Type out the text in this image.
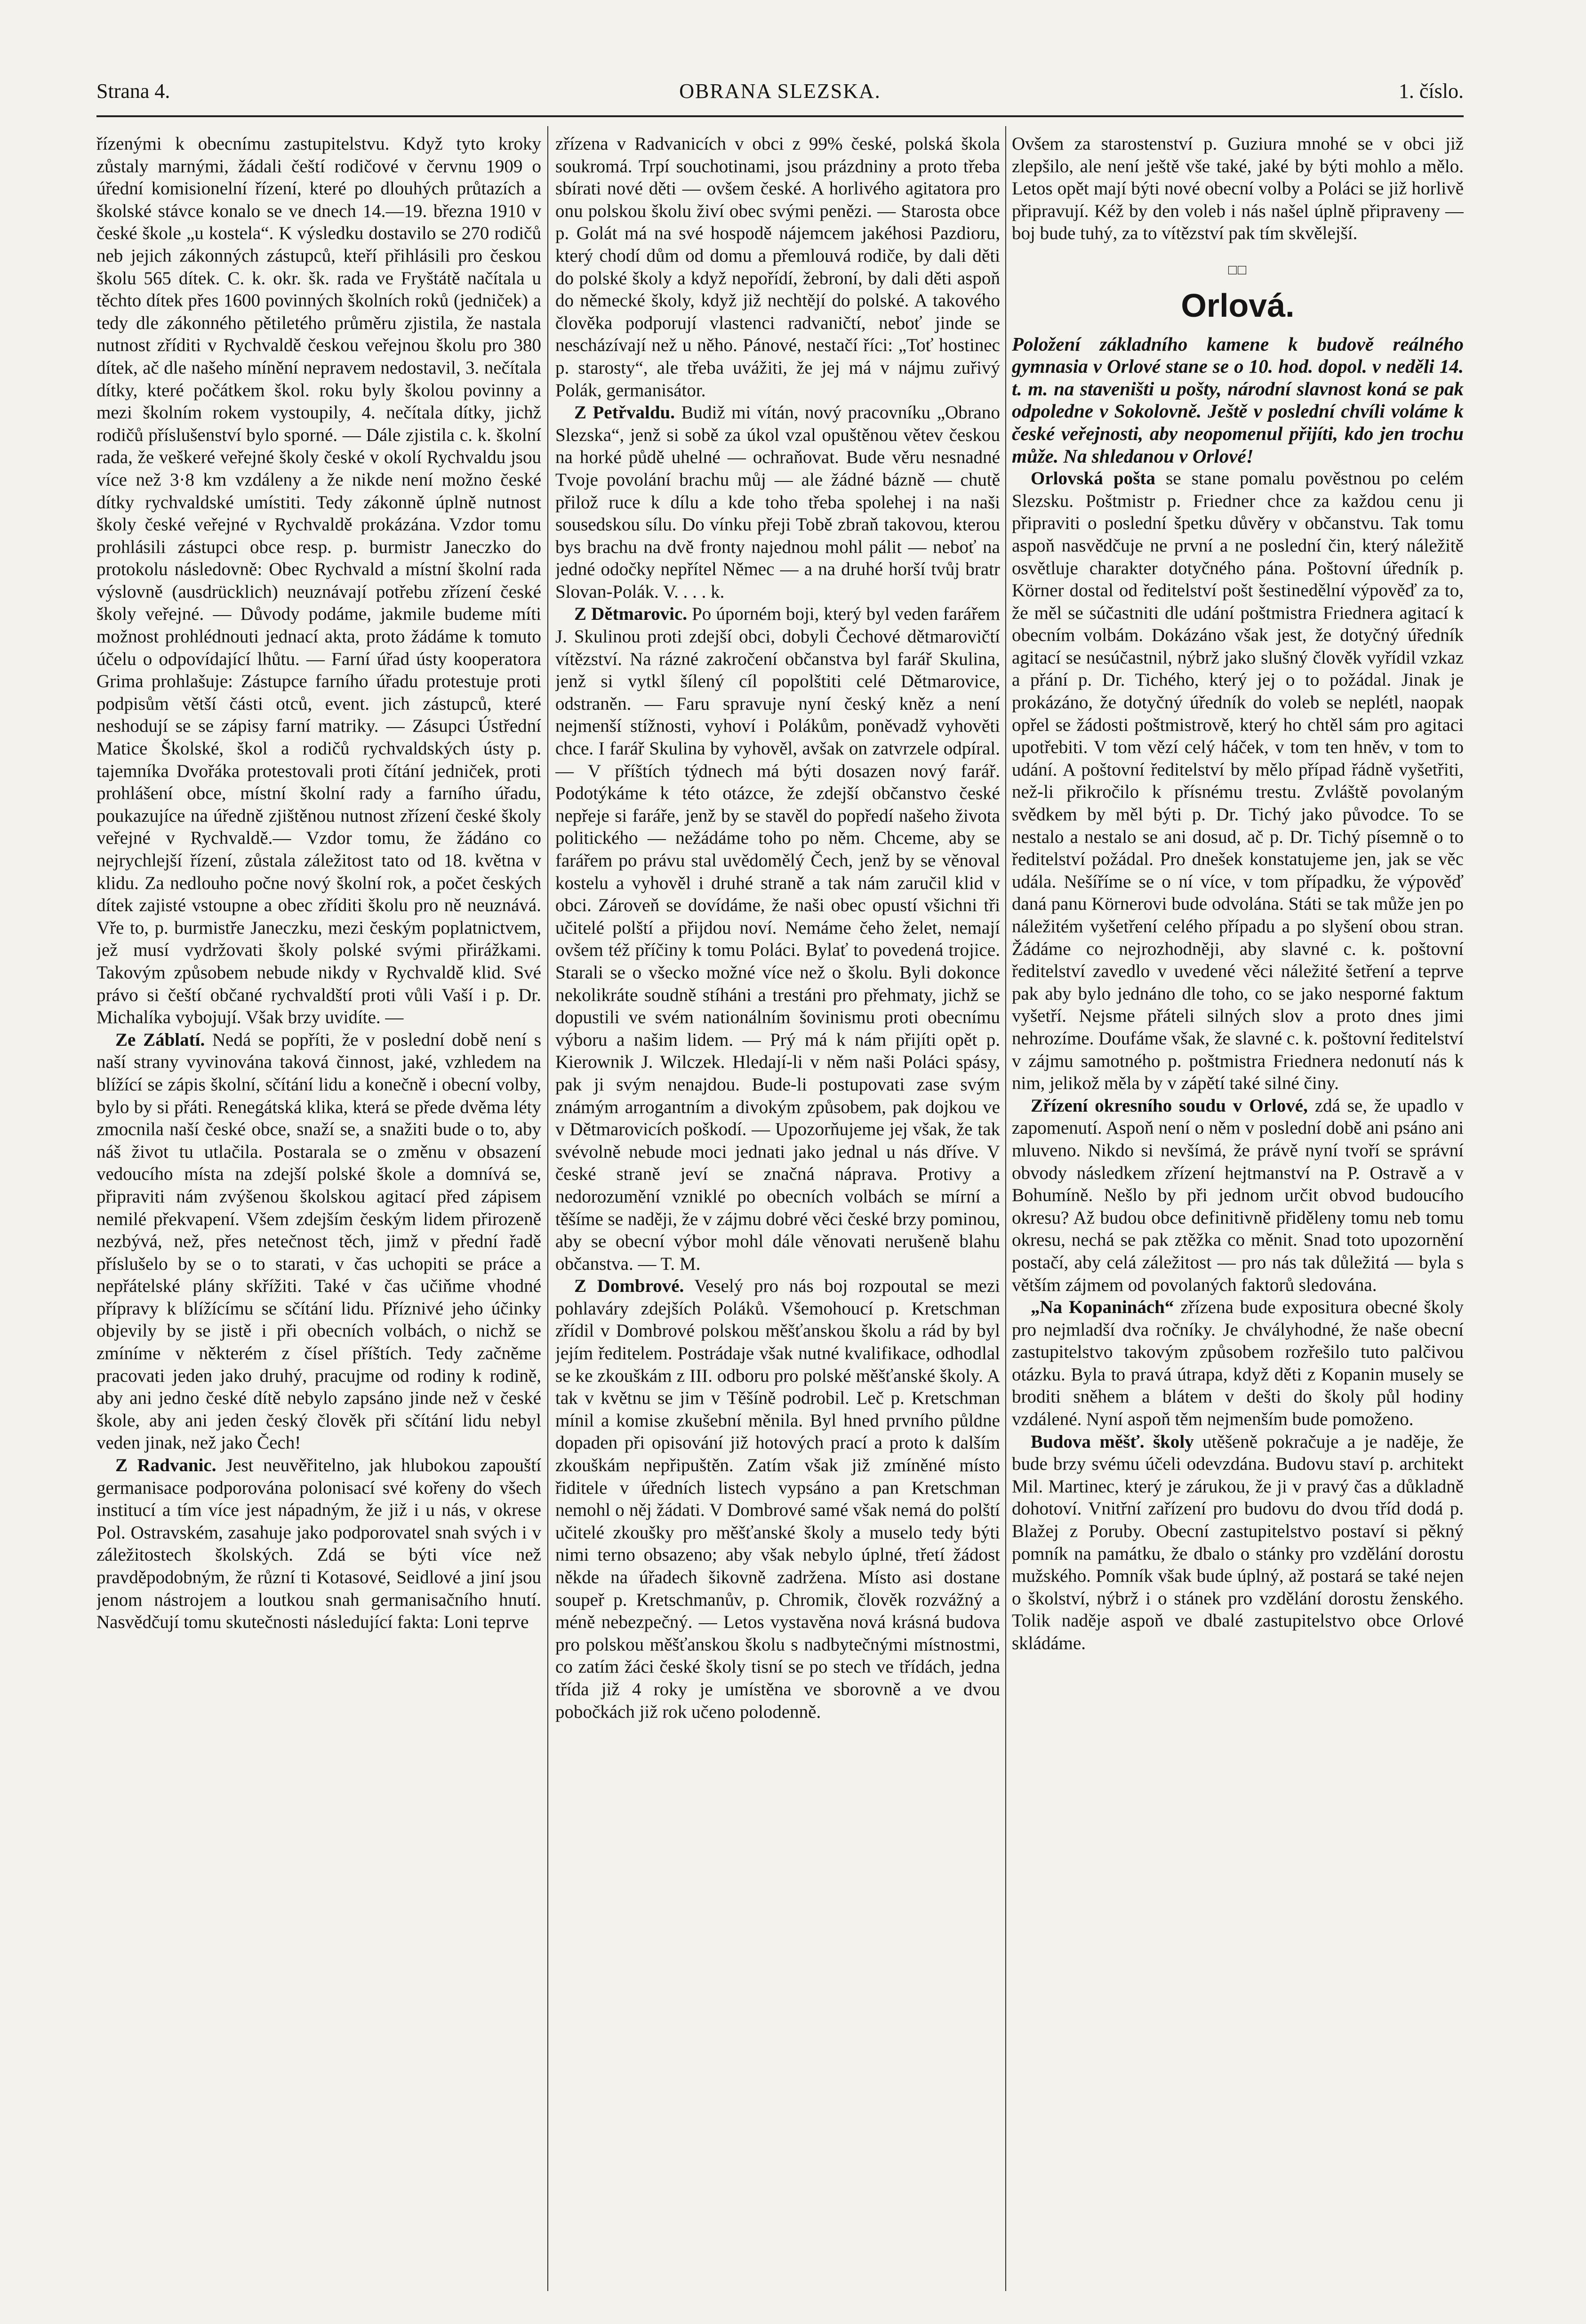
Strana 4.	OBRANA SLEZSKA.	1. číslo.

řízenými k obecnímu zastupitelstvu. Když tyto kroky zůstaly marnými, žádali čeští rodičové v červnu 1909 o úřední komisionelní řízení, které po dlouhých průtazích a školské stávce konalo se ve dnech 14.—19. března 1910 v české škole „u kostela“. K výsledku dostavilo se 270 rodičů neb jejich zákonných zástupců, kteří přihlásili pro českou školu 565 dítek. C. k. okr. šk. rada ve Fryštátě načítala u těchto dítek přes 1600 povinných školních roků (jedniček) a tedy dle zákonného pětiletého průměru zjistila, že nastala nutnost zříditi v Rychvaldě českou veřejnou školu pro 380 dítek, ač dle našeho mínění nepravem nedostavil, 3. nečítala dítky, které počátkem škol. roku byly školou povinny a mezi školním rokem vystoupily, 4. nečítala dítky, jichž rodičů příslušenství bylo sporné. — Dále zjistila c. k. školní rada, že veškeré veřejné školy české v okolí Rychvaldu jsou více než 3·8 km vzdáleny a že nikde není možno české dítky rychvaldské umístiti. Tedy zákonně úplně nutnost školy české veřejné v Rychvaldě prokázána. Vzdor tomu prohlásili zástupci obce resp. p. burmistr Janeczko do protokolu následovně: Obec Rychvald a místní školní rada výslovně (ausdrücklich) neuznávají potřebu zřízení české školy veřejné. — Důvody podáme, jakmile budeme míti možnost prohlédnouti jednací akta, proto žádáme k tomuto účelu o odpovídající lhůtu. — Farní úřad ústy kooperatora Grima prohlašuje: Zástupce farního úřadu protestuje proti podpisům větší části otců, event. jich zástupců, které neshodují se se zápisy farní matriky. — Zásupci Ústřední Matice Školské, škol a rodičů rychvaldských ústy p. tajemníka Dvořáka protestovali proti čítání jedniček, proti prohlášení obce, místní školní rady a farního úřadu, poukazujíce na úředně zjištěnou nutnost zřízení české školy veřejné v Rychvaldě.— Vzdor tomu, že žádáno co nejrychlejší řízení, zůstala záležitost tato od 18. května v klidu. Za nedlouho počne nový školní rok, a počet českých dítek zajisté vstoupne a obec zříditi školu pro ně neuznává. Vře to, p. burmistře Janeczku, mezi českým poplatnictvem, jež musí vydržovati školy polské svými přirážkami. Takovým způsobem nebude nikdy v Rychvaldě klid. Své právo si čeští občané rychvaldští proti vůli Vaší i p. Dr. Michalíka vybojují. Však brzy uvidíte. —

Ze Záblatí. Nedá se popříti, že v poslední době není s naší strany vyvinována taková činnost, jaké, vzhledem na blížící se zápis školní, sčítání lidu a konečně i obecní volby, bylo by si přáti. Renegátská klika, která se přede dvěma léty zmocnila naší české obce, snaží se, a snažiti bude o to, aby náš život tu utlačila. Postarala se o změnu v obsazení vedoucího místa na zdejší polské škole a domnívá se, připraviti nám zvýšenou školskou agitací před zápisem nemilé překvapení. Všem zdejším českým lidem přirozeně nezbývá, než, přes netečnost těch, jimž v přední řadě příslušelo by se o to starati, v čas uchopiti se práce a nepřátelské plány skřížiti. Také v čas učiňme vhodné přípravy k blížícímu se sčítání lidu. Příznivé jeho účinky objevily by se jistě i při obecních volbách, o nichž se zmíníme v některém z čísel příštích. Tedy začněme pracovati jeden jako druhý, pracujme od rodiny k rodině, aby ani jedno české dítě nebylo zapsáno jinde než v české škole, aby ani jeden český člověk při sčítání lidu nebyl veden jinak, než jako Čech!

Z Radvanic. Jest neuvěřitelno, jak hlubokou zapouští germanisace podporována polonisací své kořeny do všech institucí a tím více jest nápadným, že již i u nás, v okrese Pol. Ostravském, zasahuje jako podporovatel snah svých i v záležitostech školských. Zdá se býti více než pravděpodobným, že různí ti Kotasové, Seidlové a jiní jsou jenom nástrojem a loutkou snah germanisačního hnutí. Nasvědčují tomu skutečnosti následující fakta: Loni teprve

zřízena v Radvanicích v obci z 99% české, polská škola soukromá. Trpí souchotinami, jsou prázdniny a proto třeba sbírati nové děti — ovšem české. A horlivého agitatora pro onu polskou školu živí obec svými penězi. — Starosta obce p. Golát má na své hospodě nájemcem jakéhosi Pazdioru, který chodí dům od domu a přemlouvá rodiče, by dali děti do polské školy a když nepořídí, žebroní, by dali děti aspoň do německé školy, když již nechtějí do polské. A takového člověka podporují vlastenci radvaničtí, neboť jinde se nescházívají než u něho. Pánové, nestačí říci: „Toť hostinec p. starosty“, ale třeba uvážiti, že jej má v nájmu zuřivý Polák, germanisátor.

Z Petřvaldu. Budiž mi vítán, nový pracovníku „Obrano Slezska“, jenž si sobě za úkol vzal opuštěnou větev českou na horké půdě uhelné — ochraňovat. Bude věru nesnadné Tvoje povolání brachu můj — ale žádné bázně — chutě přilož ruce k dílu a kde toho třeba spolehej i na naši sousedskou sílu. Do vínku přeji Tobě zbraň takovou, kterou bys brachu na dvě fronty najednou mohl pálit — neboť na jedné odočky nepřítel Němec — a na druhé horší tvůj bratr Slovan-Polák. V. . . . k.

Z Dětmarovic. Po úporném boji, který byl veden farářem J. Skulinou proti zdejší obci, dobyli Čechové dětmarovičtí vítězství. Na rázné zakročení občanstva byl farář Skulina, jenž si vytkl šílený cíl popolštiti celé Dětmarovice, odstraněn. — Faru spravuje nyní český kněz a není nejmenší stížnosti, vyhoví i Polákům, poněvadž vyhověti chce. I farář Skulina by vyhověl, avšak on zatvrzele odpíral. — V příštích týdnech má býti dosazen nový farář. Podotýkáme k této otázce, že zdejší občanstvo české nepřeje si faráře, jenž by se stavěl do popředí našeho života politického — nežádáme toho po něm. Chceme, aby se farářem po právu stal uvědomělý Čech, jenž by se věnoval kostelu a vyhověl i druhé straně a tak nám zaručil klid v obci. Zároveň se dovídáme, že naši obec opustí všichni tři učitelé polští a přijdou noví. Nemáme čeho želet, nemají ovšem též příčiny k tomu Poláci. Bylať to povedená trojice. Starali se o všecko možné více než o školu. Byli dokonce nekolikráte soudně stíháni a trestáni pro přehmaty, jichž se dopustili ve svém nationálním šovinismu proti obecnímu výboru a našim lidem. — Prý má k nám přijíti opět p. Kierownik J. Wilczek. Hledají-li v něm naši Poláci spásy, pak ji svým nenajdou. Bude-li postupovati zase svým známým arrogantním a divokým způsobem, pak dojkou ve v Dětmarovicích poškodí. — Upozorňujeme jej však, že tak svévolně nebude moci jednati jako jednal u nás dříve. V české straně jeví se značná náprava. Protivy a nedorozumění vzniklé po obecních volbách se mírní a těšíme se naději, že v zájmu dobré věci české brzy pominou, aby se obecní výbor mohl dále věnovati nerušeně blahu občanstva. — T. M.

Z Dombrové. Veselý pro nás boj rozpoutal se mezi pohlaváry zdejších Poláků. Všemohoucí p. Kretschman zřídil v Dombrové polskou měšťanskou školu a rád by byl jejím ředitelem. Postrádaje však nutné kvalifikace, odhodlal se ke zkouškám z III. odboru pro polské měšťanské školy. A tak v květnu se jim v Těšíně podrobil. Leč p. Kretschman mínil a komise zkušební měnila. Byl hned prvního půldne dopaden při opisování již hotových prací a proto k dalším zkouškám nepřipuštěn. Zatím však již zmíněné místo řiditele v úředních listech vypsáno a pan Kretschman nemohl o něj žádati. V Dombrové samé však nemá do polští učitelé zkoušky pro měšťanské školy a muselo tedy býti nimi terno obsazeno; aby však nebylo úplné, třetí žádost někde na úřadech šikovně zadržena. Místo asi dostane soupeř p. Kretschmanův, p. Chromik, člověk rozvážný a méně nebezpečný. — Letos vystavěna nová krásná budova pro polskou měšťanskou školu s nadbytečnými místnostmi, co zatím žáci české školy tisní se po stech ve třídách, jedna třída již 4 roky je umístěna ve sborovně a ve dvou pobočkách již rok učeno polodenně.

Ovšem za starostenství p. Guziura mnohé se v obci již zlepšilo, ale není ještě vše také, jaké by býti mohlo a mělo. Letos opět mají býti nové obecní volby a Poláci se již horlivě připravují. Kéž by den voleb i nás našel úplně připraveny — boj bude tuhý, za to vítězství pak tím skvělejší.

□□
Orlová.

Položení základního kamene k budově reálného gymnasia v Orlové stane se o 10. hod. dopol. v neděli 14. t. m. na staveništi u pošty, národní slavnost koná se pak odpoledne v Sokolovně. Ještě v poslední chvíli voláme k české veřejnosti, aby neopomenul přijíti, kdo jen trochu může. Na shledanou v Orlové!

Orlovská pošta se stane pomalu pověstnou po celém Slezsku. Poštmistr p. Friedner chce za každou cenu ji připraviti o poslední špetku důvěry v občanstvu. Tak tomu aspoň nasvědčuje ne první a ne poslední čin, který náležitě osvětluje charakter dotyčného pána. Poštovní úředník p. Körner dostal od ředitelství pošt šestinedělní výpověď za to, že měl se súčastniti dle udání poštmistra Friednera agitací k obecním volbám. Dokázáno však jest, že dotyčný úředník agitací se nesúčastnil, nýbrž jako slušný člověk vyřídil vzkaz a přání p. Dr. Tichého, který jej o to požádal. Jinak je prokázáno, že dotyčný úředník do voleb se neplétl, naopak opřel se žádosti poštmistrově, který ho chtěl sám pro agitaci upotřebiti. V tom vězí celý háček, v tom ten hněv, v tom to udání. A poštovní ředitelství by mělo případ řádně vyšetřiti, než-li přikročilo k přísnému trestu. Zvláště povolaným svědkem by měl býti p. Dr. Tichý jako původce. To se nestalo a nestalo se ani dosud, ač p. Dr. Tichý písemně o to ředitelství požádal. Pro dnešek konstatujeme jen, jak se věc udála. Nešíříme se o ní více, v tom případku, že výpověď daná panu Körnerovi bude odvolána. Státi se tak může jen po náležitém vyšetření celého případu a po slyšení obou stran. Žádáme co nejrozhodněji, aby slavné c. k. poštovní ředitelství zavedlo v uvedené věci náležité šetření a teprve pak aby bylo jednáno dle toho, co se jako nesporné faktum vyšetří. Nejsme přáteli silných slov a proto dnes jimi nehrozíme. Doufáme však, že slavné c. k. poštovní ředitelství v zájmu samotného p. poštmistra Friednera nedonutí nás k nim, jelikož měla by v zápětí také silné činy.

Zřízení okresního soudu v Orlové, zdá se, že upadlo v zapomenutí. Aspoň není o něm v poslední době ani psáno ani mluveno. Nikdo si nevšímá, že právě nyní tvoří se správní obvody následkem zřízení hejtmanství na P. Ostravě a v Bohumíně. Nešlo by při jednom určit obvod budoucího okresu? Až budou obce definitivně přiděleny tomu neb tomu okresu, nechá se pak ztěžka co měnit. Snad toto upozornění postačí, aby celá záležitost — pro nás tak důležitá — byla s větším zájmem od povolaných faktorů sledována.

„Na Kopaninách“ zřízena bude expositura obecné školy pro nejmladší dva ročníky. Je chvályhodné, že naše obecní zastupitelstvo takovým způsobem rozřešilo tuto palčivou otázku. Byla to pravá útrapa, když děti z Kopanin musely se broditi sněhem a blátem v dešti do školy půl hodiny vzdálené. Nyní aspoň těm nejmenším bude pomoženo.

Budova měšť. školy utěšeně pokračuje a je naděje, že bude brzy svému účeli odevzdána. Budovu staví p. architekt Mil. Martinec, který je zárukou, že ji v pravý čas a důkladně dohotoví. Vnitřní zařízení pro budovu do dvou tříd dodá p. Blažej z Poruby. Obecní zastupitelstvo postaví si pěkný pomník na památku, že dbalo o stánky pro vzdělání dorostu mužského. Pomník však bude úplný, až postará se také nejen o školství, nýbrž i o stánek pro vzdělání dorostu ženského. Tolik naděje aspoň ve dbalé zastupitelstvo obce Orlové skládáme.
